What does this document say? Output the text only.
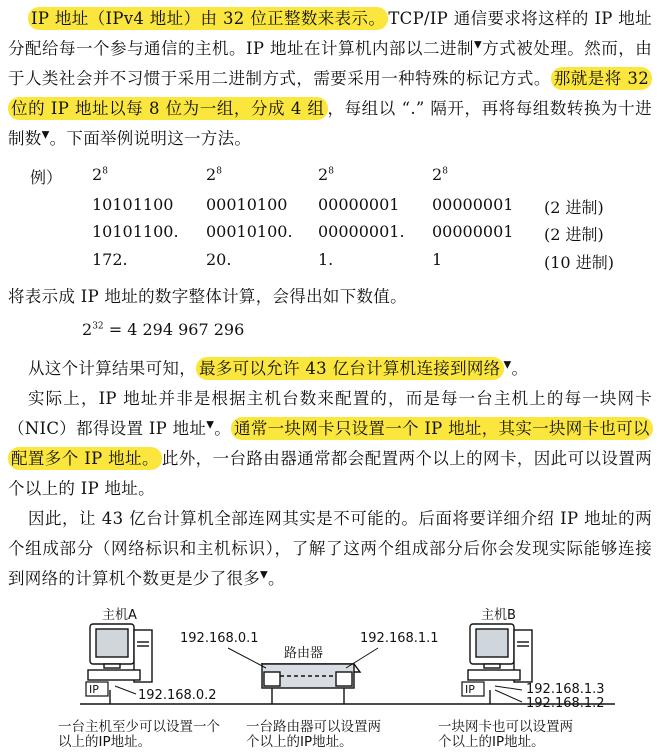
IP 地址（IPv4 地址）由 32 位正整数来表示。 TCP/IP 通信要求将这样的 IP 地址分配给每一个参与通信的主机。IP 地址在计算机内部以二进制▼方式被处理。然而，由于人类社会并不习惯于采用二进制方式，需要采用一种特殊的标记方式。 那就是将 32 位的 IP 地址以每 8 位为一组，分成 4 组 ，每组以 “.” 隔开，再将每组数转换为十进制数▼。下面举例说明这一方法。

例） $2^8$	$2^8$	$2^8$	$2^8$
10101100 00010100 00000001 00000001 (2 进制)
10101100. 00010100. 00000001. 00000001 (2 进制)
172.	20.	1.	1	(10 进制)

将表示成 IP 地址的数字整体计算，会得出如下数值。

$2^{32} = 4$ 294 967 296

从这个计算结果可知， 最多可以允许 43 亿台计算机连接到网络 ▼。

实际上，IP 地址并非是根据主机台数来配置的，而是每一台主机上的每一块网卡（NIC）都得设置 IP 地址▼。 通常一块网卡只设置一个 IP 地址，其实一块网卡也可以配置多个 IP 地址。 此外，一台路由器通常都会配置两个以上的网卡，因此可以设置两个以上的 IP 地址。

因此，让 43 亿台计算机全部连网其实是不可能的。后面将要详细介绍 IP 地址的两个组成部分（网络标识和主机标识），了解了这两个组成部分后你会发现实际能够连接到网络的计算机个数更是少了很多▼。

主机A	主机B
路由器
192.168.0.1	192.168.1.1
IP	IP
192.168.0.2	192.168.1.3
192.168.1.2
一台主机至少可以设置一个以上的IP地址。
一台路由器可以设置两个以上的IP地址。
一块网卡也可以设置两个以上的IP地址。
